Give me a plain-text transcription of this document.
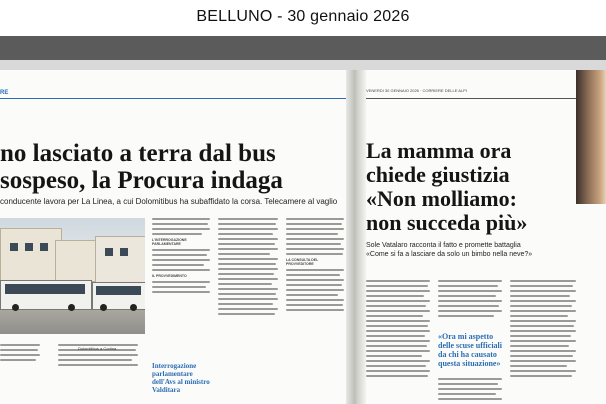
BELLUNO - 30 gennaio 2026
RE
no lasciato a terra dal bus
sospeso, la Procura indaga
conducente lavora per La Linea, a cui Dolomitibus ha subaffidato la corsa. Telecamere al vaglio
L'INTERROGAZIONE PARLAMENTARE
IL PROVVEDIMENTO
Interrogazione parlamentare dell'Avs al ministro Valditara
LA CONSULTA DEL PROVVEDITORE
VENERDI 30 GENNAIO 2026 · CORRIERE DELLE ALPI
La mamma ora
chiede giustizia
«Non molliamo:
non succeda più»
Sole Vatalaro racconta il fatto e promette battaglia
«Come si fa a lasciare da solo un bimbo nella neve?»
«Ora mi aspetto delle scuse ufficiali da chi ha causato questa situazione»
Dolomitibus a Cortina
